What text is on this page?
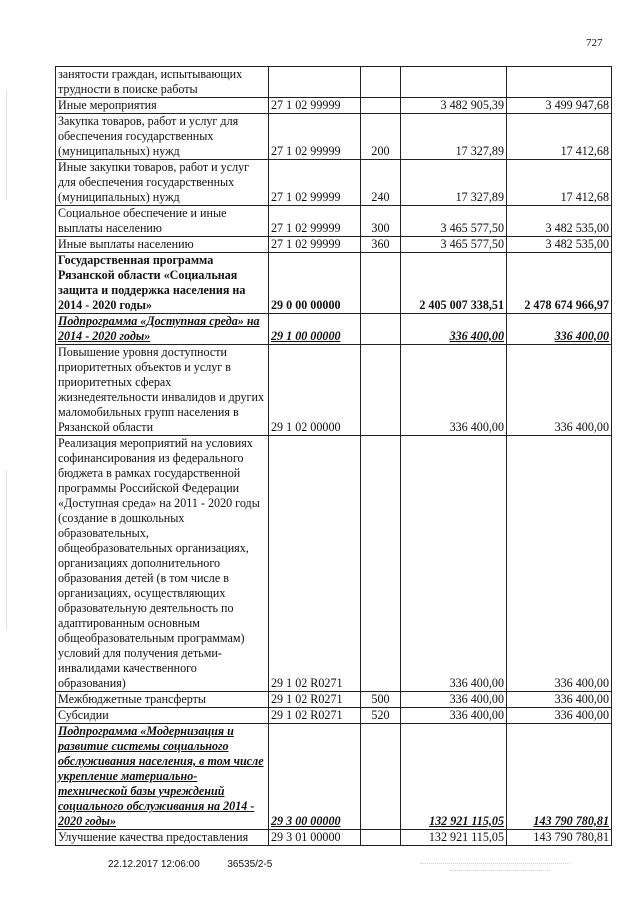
727
занятости граждан, испытывающих трудности в поиске работы				
Иные мероприятия	27 1 02 99999		3 482 905,39	3 499 947,68
Закупка товаров, работ и услуг для обеспечения государственных (муниципальных) нужд	27 1 02 99999	200	17 327,89	17 412,68
Иные закупки товаров, работ и услуг для обеспечения государственных (муниципальных) нужд	27 1 02 99999	240	17 327,89	17 412,68
Социальное обеспечение и иные выплаты населению	27 1 02 99999	300	3 465 577,50	3 482 535,00
Иные выплаты населению	27 1 02 99999	360	3 465 577,50	3 482 535,00
Государственная программа Рязанской области «Социальная защита и поддержка населения на 2014 - 2020 годы»	29 0 00 00000		2 405 007 338,51	2 478 674 966,97
Подпрограмма «Доступная среда» на 2014 - 2020 годы»	29 1 00 00000		336 400,00	336 400,00
Повышение уровня доступности приоритетных объектов и услуг в приоритетных сферах жизнедеятельности инвалидов и других маломобильных групп населения в Рязанской области	29 1 02 00000		336 400,00	336 400,00
Реализация мероприятий на условиях софинансирования из федерального бюджета в рамках государственной программы Российской Федерации «Доступная среда» на 2011 - 2020 годы (создание в дошкольных образовательных, общеобразовательных организациях, организациях дополнительного образования детей (в том числе в организациях, осуществляющих образовательную деятельность по адаптированным основным общеобразовательным программам) условий для получения детьми-инвалидами качественного образования)	29 1 02 R0271		336 400,00	336 400,00
Межбюджетные трансферты	29 1 02 R0271	500	336 400,00	336 400,00
Субсидии	29 1 02 R0271	520	336 400,00	336 400,00
Подпрограмма «Модернизация и развитие системы социального обслуживания населения, в том числе укрепление материально-технической базы учреждений социального обслуживания на 2014 - 2020 годы»	29 3 00 00000		132 921 115,05	143 790 780,81
Улучшение качества предоставления	29 3 01 00000		132 921 115,05	143 790 780,81
22.12.2017 12:06:00	36535/2-5
